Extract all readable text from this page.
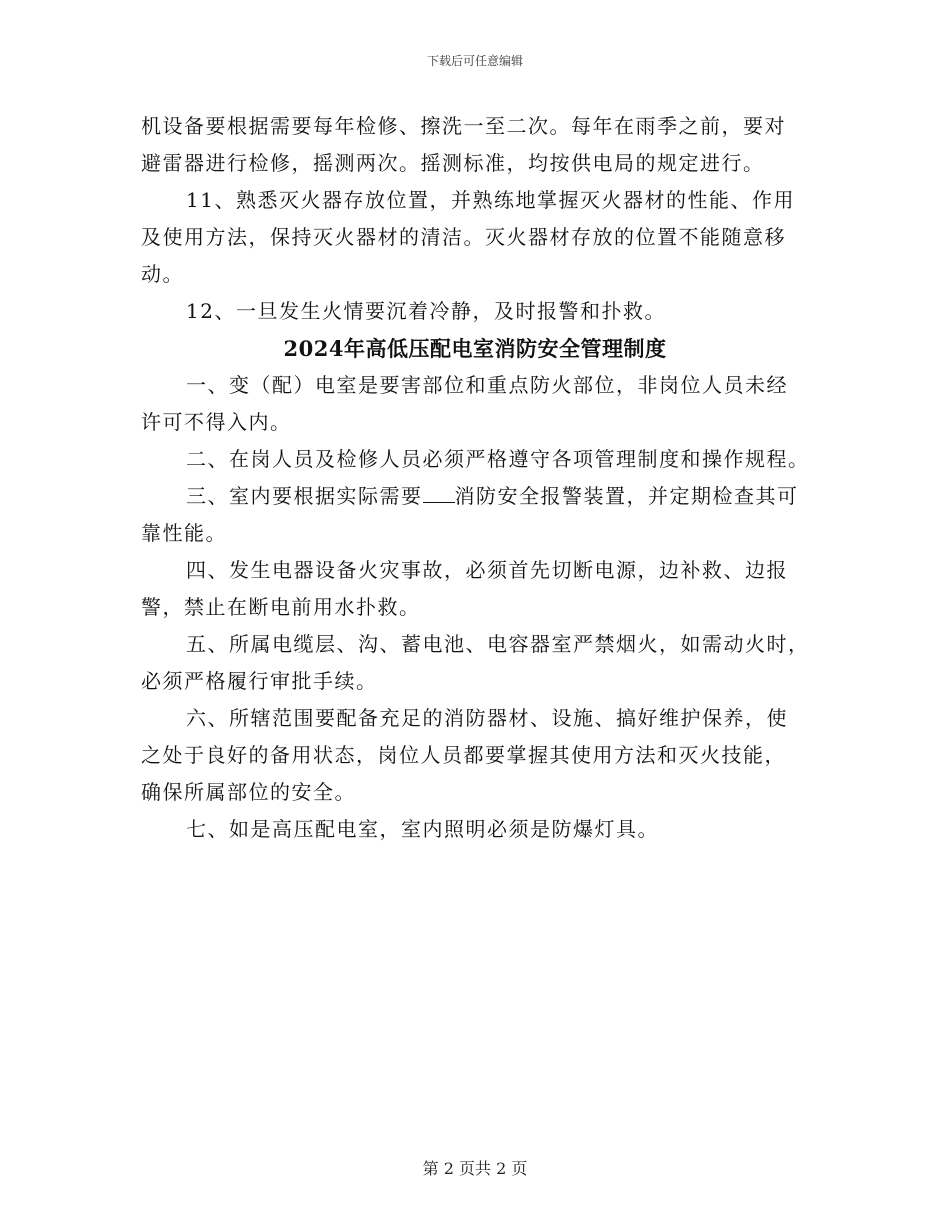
下载后可任意编辑
机设备要根据需要每年检修、擦洗一至二次。每年在雨季之前，要对
避雷器进行检修，摇测两次。摇测标准，均按供电局的规定进行。
11、熟悉灭火器存放位置，并熟练地掌握灭火器材的性能、作用
及使用方法，保持灭火器材的清洁。灭火器材存放的位置不能随意移
动。
12、一旦发生火情要沉着冷静，及时报警和扑救。
2024年高低压配电室消防安全管理制度
一、变（配）电室是要害部位和重点防火部位，非岗位人员未经
许可不得入内。
二、在岗人员及检修人员必须严格遵守各项管理制度和操作规程。
三、室内要根据实际需要 消防安全报警装置，并定期检查其可
靠性能。
四、发生电器设备火灾事故，必须首先切断电源，边补救、边报
警，禁止在断电前用水扑救。
五、所属电缆层、沟、蓄电池、电容器室严禁烟火，如需动火时，
必须严格履行审批手续。
六、所辖范围要配备充足的消防器材、设施、搞好维护保养，使
之处于良好的备用状态，岗位人员都要掌握其使用方法和灭火技能，
确保所属部位的安全。
七、如是高压配电室，室内照明必须是防爆灯具。
第 2 页共 2 页
